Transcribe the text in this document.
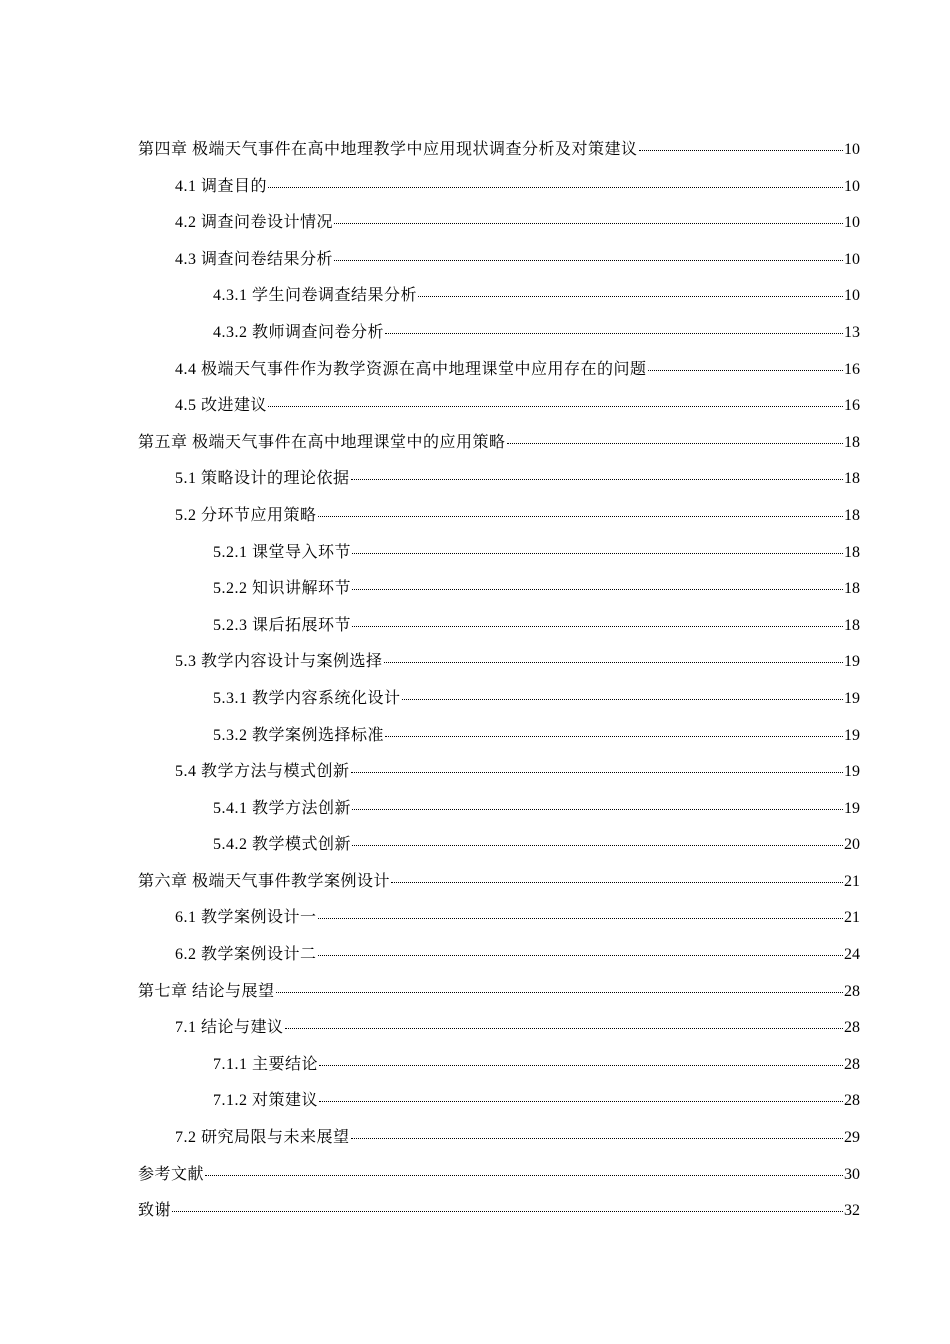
第四章 极端天气事件在高中地理教学中应用现状调查分析及对策建议	10
4.1 调查目的	10
4.2 调查问卷设计情况	10
4.3 调查问卷结果分析	10
4.3.1 学生问卷调查结果分析	10
4.3.2 教师调查问卷分析	13
4.4 极端天气事件作为教学资源在高中地理课堂中应用存在的问题	16
4.5 改进建议	16
第五章 极端天气事件在高中地理课堂中的应用策略	18
5.1 策略设计的理论依据	18
5.2 分环节应用策略	18
5.2.1 课堂导入环节	18
5.2.2 知识讲解环节	18
5.2.3 课后拓展环节	18
5.3 教学内容设计与案例选择	19
5.3.1 教学内容系统化设计	19
5.3.2 教学案例选择标准	19
5.4 教学方法与模式创新	19
5.4.1 教学方法创新	19
5.4.2 教学模式创新	20
第六章 极端天气事件教学案例设计	21
6.1 教学案例设计一	21
6.2 教学案例设计二	24
第七章 结论与展望	28
7.1 结论与建议	28
7.1.1 主要结论	28
7.1.2 对策建议	28
7.2 研究局限与未来展望	29
参考文献	30
致谢	32
